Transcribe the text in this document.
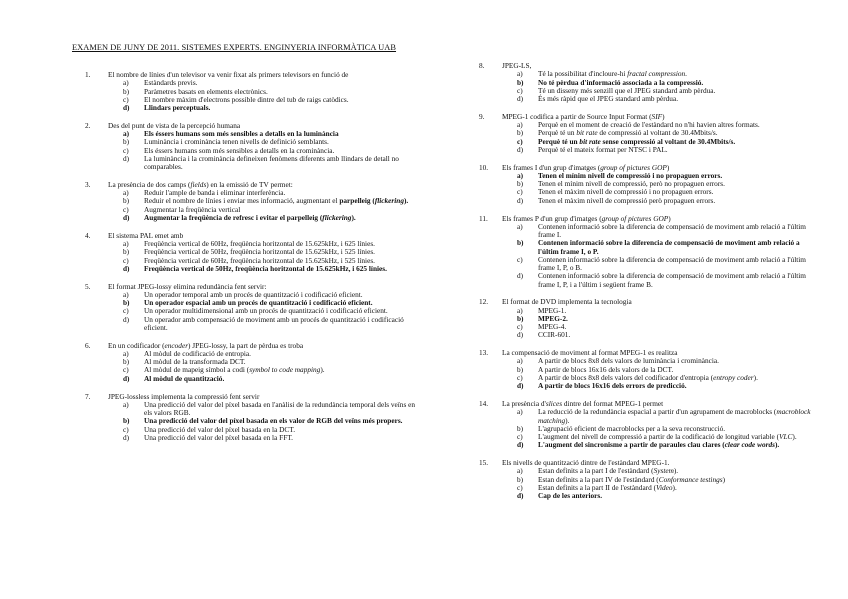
EXAMEN DE JUNY DE 2011. SISTEMES EXPERTS. ENGINYERIA INFORMÀTICA UAB
1. El nombre de línies d'un televisor va venir fixat als primers televisors en funció de
a) Estàndards previs.
b) Paràmetres basats en elements electrònics.
c) El nombre màxim d'electrons possible dintre del tub de raigs catòdics.
d) Llindars perceptuals.
2. Des del punt de vista de la percepció humana
a) Els éssers humans som més sensibles a detalls en la luminància
b) Luminància i crominància tenen nivells de definició semblants.
c) Els éssers humans som més sensibles a detalls en la crominància.
d) La luminància i la crominància defineixen fenòmens diferents amb llindars de detall no comparables.
3. La presència de dos camps (fields) en la emissió de TV permet:
a) Reduir l'ample de banda i eliminar interferència.
b) Reduir el nombre de línies i enviar mes informació, augmentant el parpelleig (flickering).
c) Augmentar la freqüència vertical
d) Augmentar la freqüència de refresc i evitar el parpelleig (flickering).
4. El sistema PAL emet amb
a) Freqüència vertical de 60Hz, freqüència horitzontal de 15.625kHz, i 625 línies.
b) Freqüència vertical de 50Hz, freqüència horitzontal de 15.625kHz, i 525 línies.
c) Freqüència vertical de 60Hz, freqüència horitzontal de 15.625kHz, i 525 línies.
d) Freqüència vertical de 50Hz, freqüència horitzontal de 15.625kHz, i 625 línies.
5. El format JPEG-lossy elimina redundància fent servir:
a) Un operador temporal amb un procés de quantització i codificació eficient.
b) Un operador espacial amb un procés de quantització i codificació eficient.
c) Un operador multidimensional amb un procés de quantització i codificació eficient.
d) Un operador amb compensació de moviment amb un procés de quantització i codificació eficient.
6. En un codificador (encoder) JPEG-lossy, la part de pèrdua es troba
a) Al mòdul de codificació de entropia.
b) Al mòdul de la transformada DCT.
c) Al mòdul de mapeig símbol a codi (symbol to code mapping).
d) Al mòdul de quantització.
7. JPEG-lossless implementa la compressió fent servir
a) Una predicció del valor del píxel basada en l'anàlisi de la redundància temporal dels veïns en els valors RGB.
b) Una predicció del valor del píxel basada en els valor de RGB del veïns més propers.
c) Una predicció del valor del píxel basada en la DCT.
d) Una predicció del valor del píxel basada en la FFT.
8. JPEG-LS,
a) Té la possibilitat d'incloure-hi fractal compression.
b) No té pèrdua d'informació associada a la compressió.
c) Té un disseny més senzill que el JPEG standard amb pèrdua.
d) És més ràpid que el JPEG standard amb pèrdua.
9. MPEG-1 codifica a partir de Source Input Format (SIF)
a) Perquè en el moment de creació de l'estàndard no n'hi havien altres formats.
b) Perquè té un bit rate de compressió al voltant de 30.4Mbits/s.
c) Perquè té un bit rate sense compressió al voltant de 30.4Mbits/s.
d) Perquè té el mateix format per NTSC i PAL.
10. Els frames I d'un grup d'imatges (group of pictures GOP)
a) Tenen el mínim nivell de compressió i no propaguen errors.
b) Tenen el mínim nivell de compressió, però no propaguen errors.
c) Tenen el màxim nivell de compressió i no propaguen errors.
d) Tenen el màxim nivell de compressió però propaguen errors.
11. Els frames P d'un grup d'imatges (group of pictures GOP)
a) Contenen informació sobre la diferencia de compensació de moviment amb relació a l'últim frame I.
b) Contenen informació sobre la diferencia de compensació de moviment amb relació a l'últim frame I, o P.
c) Contenen informació sobre la diferencia de compensació de moviment amb relació a l'últim frame I, P, o B.
d) Contenen informació sobre la diferencia de compensació de moviment amb relació a l'últim frame I, P, i a l'últim i següent frame B.
12. El format de DVD implementa la tecnologia
a) MPEG-1.
b) MPEG-2.
c) MPEG-4.
d) CCIR-601.
13. La compensació de moviment al format MPEG-1 es realitza
a) A partir de blocs 8x8 dels valors de luminància i crominància.
b) A partir de blocs 16x16 dels valors de la DCT.
c) A partir de blocs 8x8 dels valors del codificador d'entropia (entropy coder).
d) A partir de blocs 16x16 dels errors de predicció.
14. La presència d'slices dintre del format MPEG-1 permet
a) La reducció de la redundància espacial a partir d'un agrupament de macroblocks (macroblock matching).
b) L'agrupació eficient de macroblocks per a la seva reconstrucció.
c) L'augment del nivell de compressió a partir de la codificació de longitud variable (VLC).
d) L'augment del sincronisme a partir de paraules clau clares (clear code words).
15. Els nivells de quantització dintre de l'estàndard MPEG-1.
a) Estan definits a la part I de l'estàndard (System).
b) Estan definits a la part IV de l'estàndard (Conformance testings)
c) Estan definits a la part II de l'estàndard (Video).
d) Cap de les anteriors.
